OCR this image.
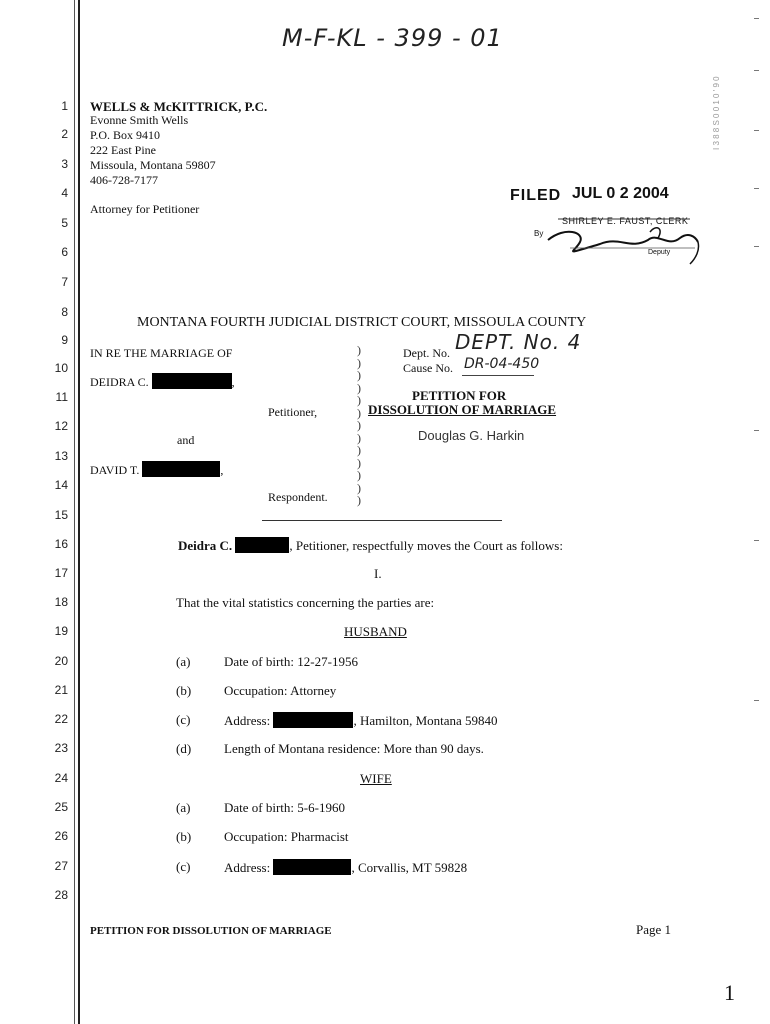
M-F-KL - 399 - 01
I 3 8 8 S 0 0 1 0 ' 9 0
1
2
3
4
5
6
7
8
9
10
11
12
13
14
15
16
17
18
19
20
21
22
23
24
25
26
27
28
WELLS & McKITTRICK, P.C.
Evonne Smith Wells
P.O. Box 9410
222 East Pine
Missoula, Montana 59807
406-728-7177
Attorney for Petitioner
FILED JUL 0 2 2004
SHIRLEY E. FAUST, CLERK
By
Deputy
MONTANA FOURTH JUDICIAL DISTRICT COURT, MISSOULA COUNTY
IN RE THE MARRIAGE OF
DEIDRA C.	,
Petitioner,
and
DAVID T.	,
Respondent.
)
)
)
)
)
)
)
)
)
)
)
)
)
Dept. No. DEPT. No. 4
Cause No. DR-04-450
PETITION FOR
DISSOLUTION OF MARRIAGE
Douglas G. Harkin
Deidra C.	, Petitioner, respectfully moves the Court as follows:
I.
That the vital statistics concerning the parties are:
HUSBAND
(a)	Date of birth: 12-27-1956
(b)	Occupation: Attorney
(c)	Address:	, Hamilton, Montana 59840
(d)	Length of Montana residence: More than 90 days.
WIFE
(a)	Date of birth: 5-6-1960
(b)	Occupation: Pharmacist
(c)	Address:	, Corvallis, MT 59828
PETITION FOR DISSOLUTION OF MARRIAGE	Page 1
1
